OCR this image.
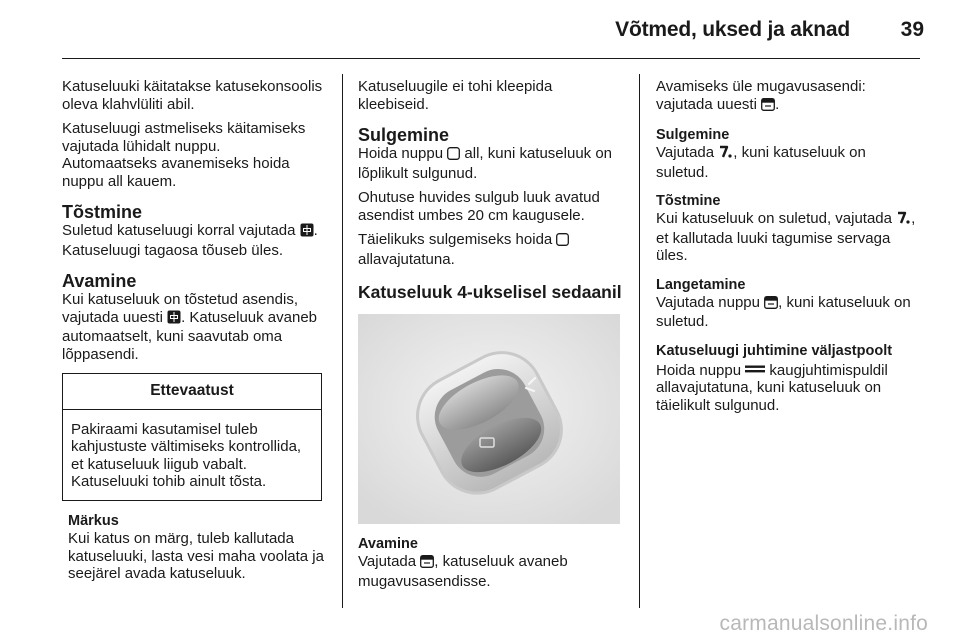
Võtmed, uksed ja aknad	39

Katuseluuki käitatakse katusekonsoolis oleva klahvlüliti abil.

Katuseluugi astmeliseks käitamiseks vajutada lühidalt nuppu.

Automaatseks avanemiseks hoida nuppu all kauem.

Tõstmine

Suletud katuseluugi korral vajutada . Katuseluugi tagaosa tõuseb üles.

Avamine

Kui katuseluuk on tõstetud asendis, vajutada uuesti . Katuseluuk avaneb automaatselt, kuni saavutab oma lõppasendi.

Ettevaatust
Pakiraami kasutamisel tuleb kahjustuste vältimiseks kontrollida, et katuseluuk liigub vabalt. Katuseluuki tohib ainult tõsta.
Märkus
Kui katus on märg, tuleb kallutada katuseluuki, lasta vesi maha voolata ja seejärel avada katuseluuk.

Katuseluugile ei tohi kleepida kleebiseid.

Sulgemine

Hoida nuppu all, kuni katuseluuk on lõplikult sulgunud.

Ohutuse huvides sulgub luuk avatud asendist umbes 20 cm kaugusele.

Täielikuks sulgemiseks hoida  allavajutatuna.

Katuseluuk 4-ukselisel sedaanil
Avamine

Vajutada , katuseluuk avaneb mugavusasendisse.

Avamiseks üle mugavusasendi: vajutada uuesti .

Sulgemine

Vajutada , kuni katuseluuk on suletud.

Tõstmine

Kui katuseluuk on suletud, vajutada , et kallutada luuki tagumise servaga üles.

Langetamine

Vajutada nuppu , kuni katuseluuk on suletud.

Katuseluugi juhtimine väljastpoolt

Hoida nuppu kaugjuhtimispuldil allavajutatuna, kuni katuseluuk on täielikult sulgunud.

carmanualsonline.info
